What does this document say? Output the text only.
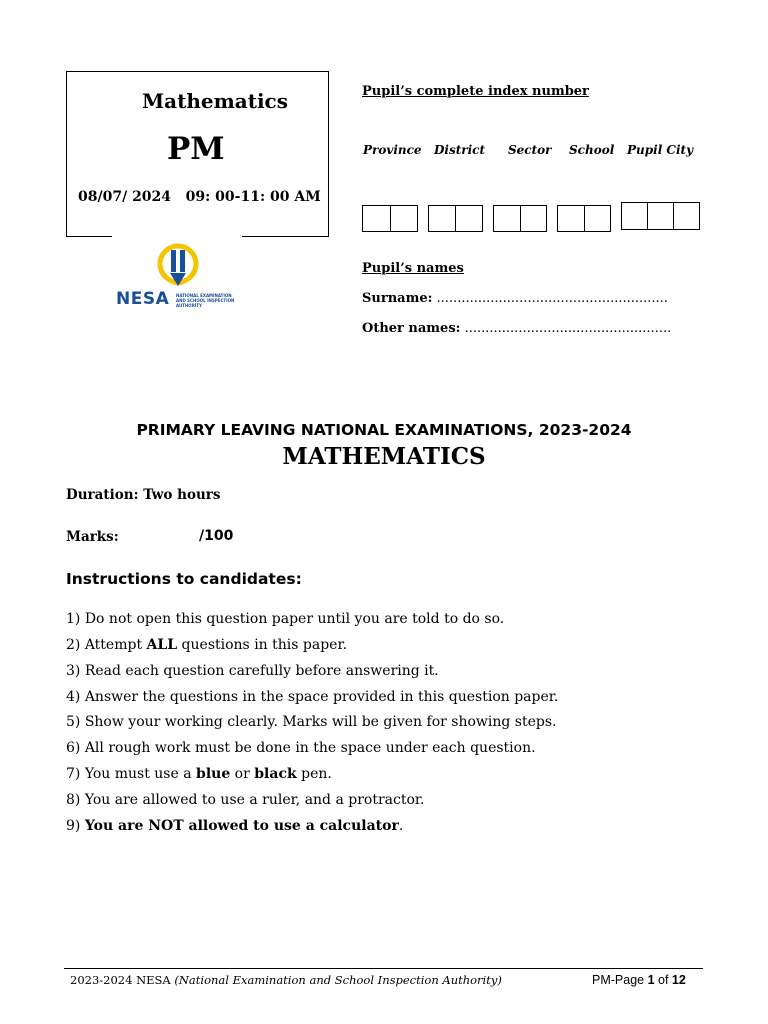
Mathematics
PM
08/07/ 2024   09: 00-11: 00 AM
NESA NATIONAL EXAMINATION
AND SCHOOL INSPECTION
AUTHORITY
Pupil’s complete index number
Province District Sector School Pupil City
Pupil’s names
Surname: ........................................................
Other names: ..................................................
PRIMARY LEAVING NATIONAL EXAMINATIONS, 2023-2024
MATHEMATICS
Duration: Two hours
Marks:	/100
Instructions to candidates:
1) Do not open this question paper until you are told to do so.
2) Attempt ALL questions in this paper.
3) Read each question carefully before answering it.
4) Answer the questions in the space provided in this question paper.
5) Show your working clearly. Marks will be given for showing steps.
6) All rough work must be done in the space under each question.
7) You must use a blue or black pen.
8) You are allowed to use a ruler, and a protractor.
9) You are NOT allowed to use a calculator.
2023-2024 NESA (National Examination and School Inspection Authority)	PM-Page 1 of 12
